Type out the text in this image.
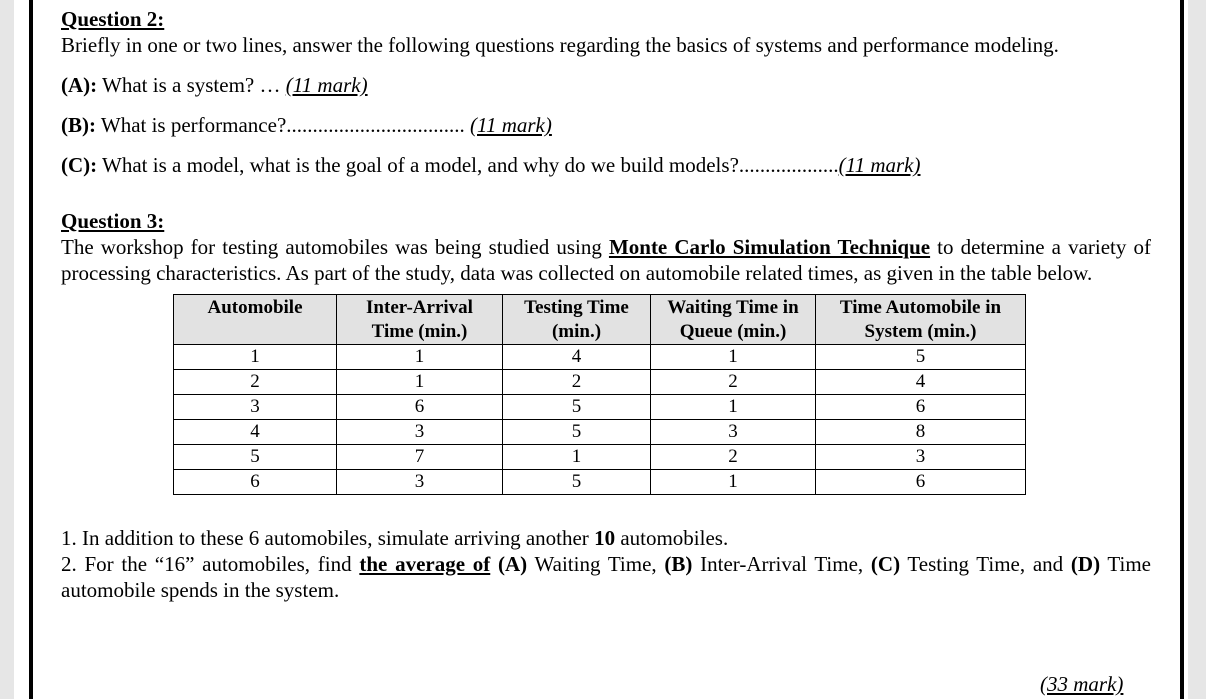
Question 2:
Briefly in one or two lines, answer the following questions regarding the basics of systems and performance modeling.
(A): What is a system? … (11 mark)
(B): What is performance?.................................. (11 mark)
(C): What is a model, what is the goal of a model, and why do we build models?...................(11 mark)
Question 3:
The workshop for testing automobiles was being studied using Monte Carlo Simulation Technique to determine a variety of processing characteristics. As part of the study, data was collected on automobile related times, as given in the table below.
Automobile	Inter-Arrival Time (min.)	Testing Time (min.)	Waiting Time in Queue (min.)	Time Automobile in System (min.)
1	1	4	1	5
2	1	2	2	4
3	6	5	1	6
4	3	5	3	8
5	7	1	2	3
6	3	5	1	6
1. In addition to these 6 automobiles, simulate arriving another 10 automobiles.
2. For the “16” automobiles, find the average of (A) Waiting Time, (B) Inter-Arrival Time, (C) Testing Time, and (D) Time automobile spends in the system.
(33 mark)
